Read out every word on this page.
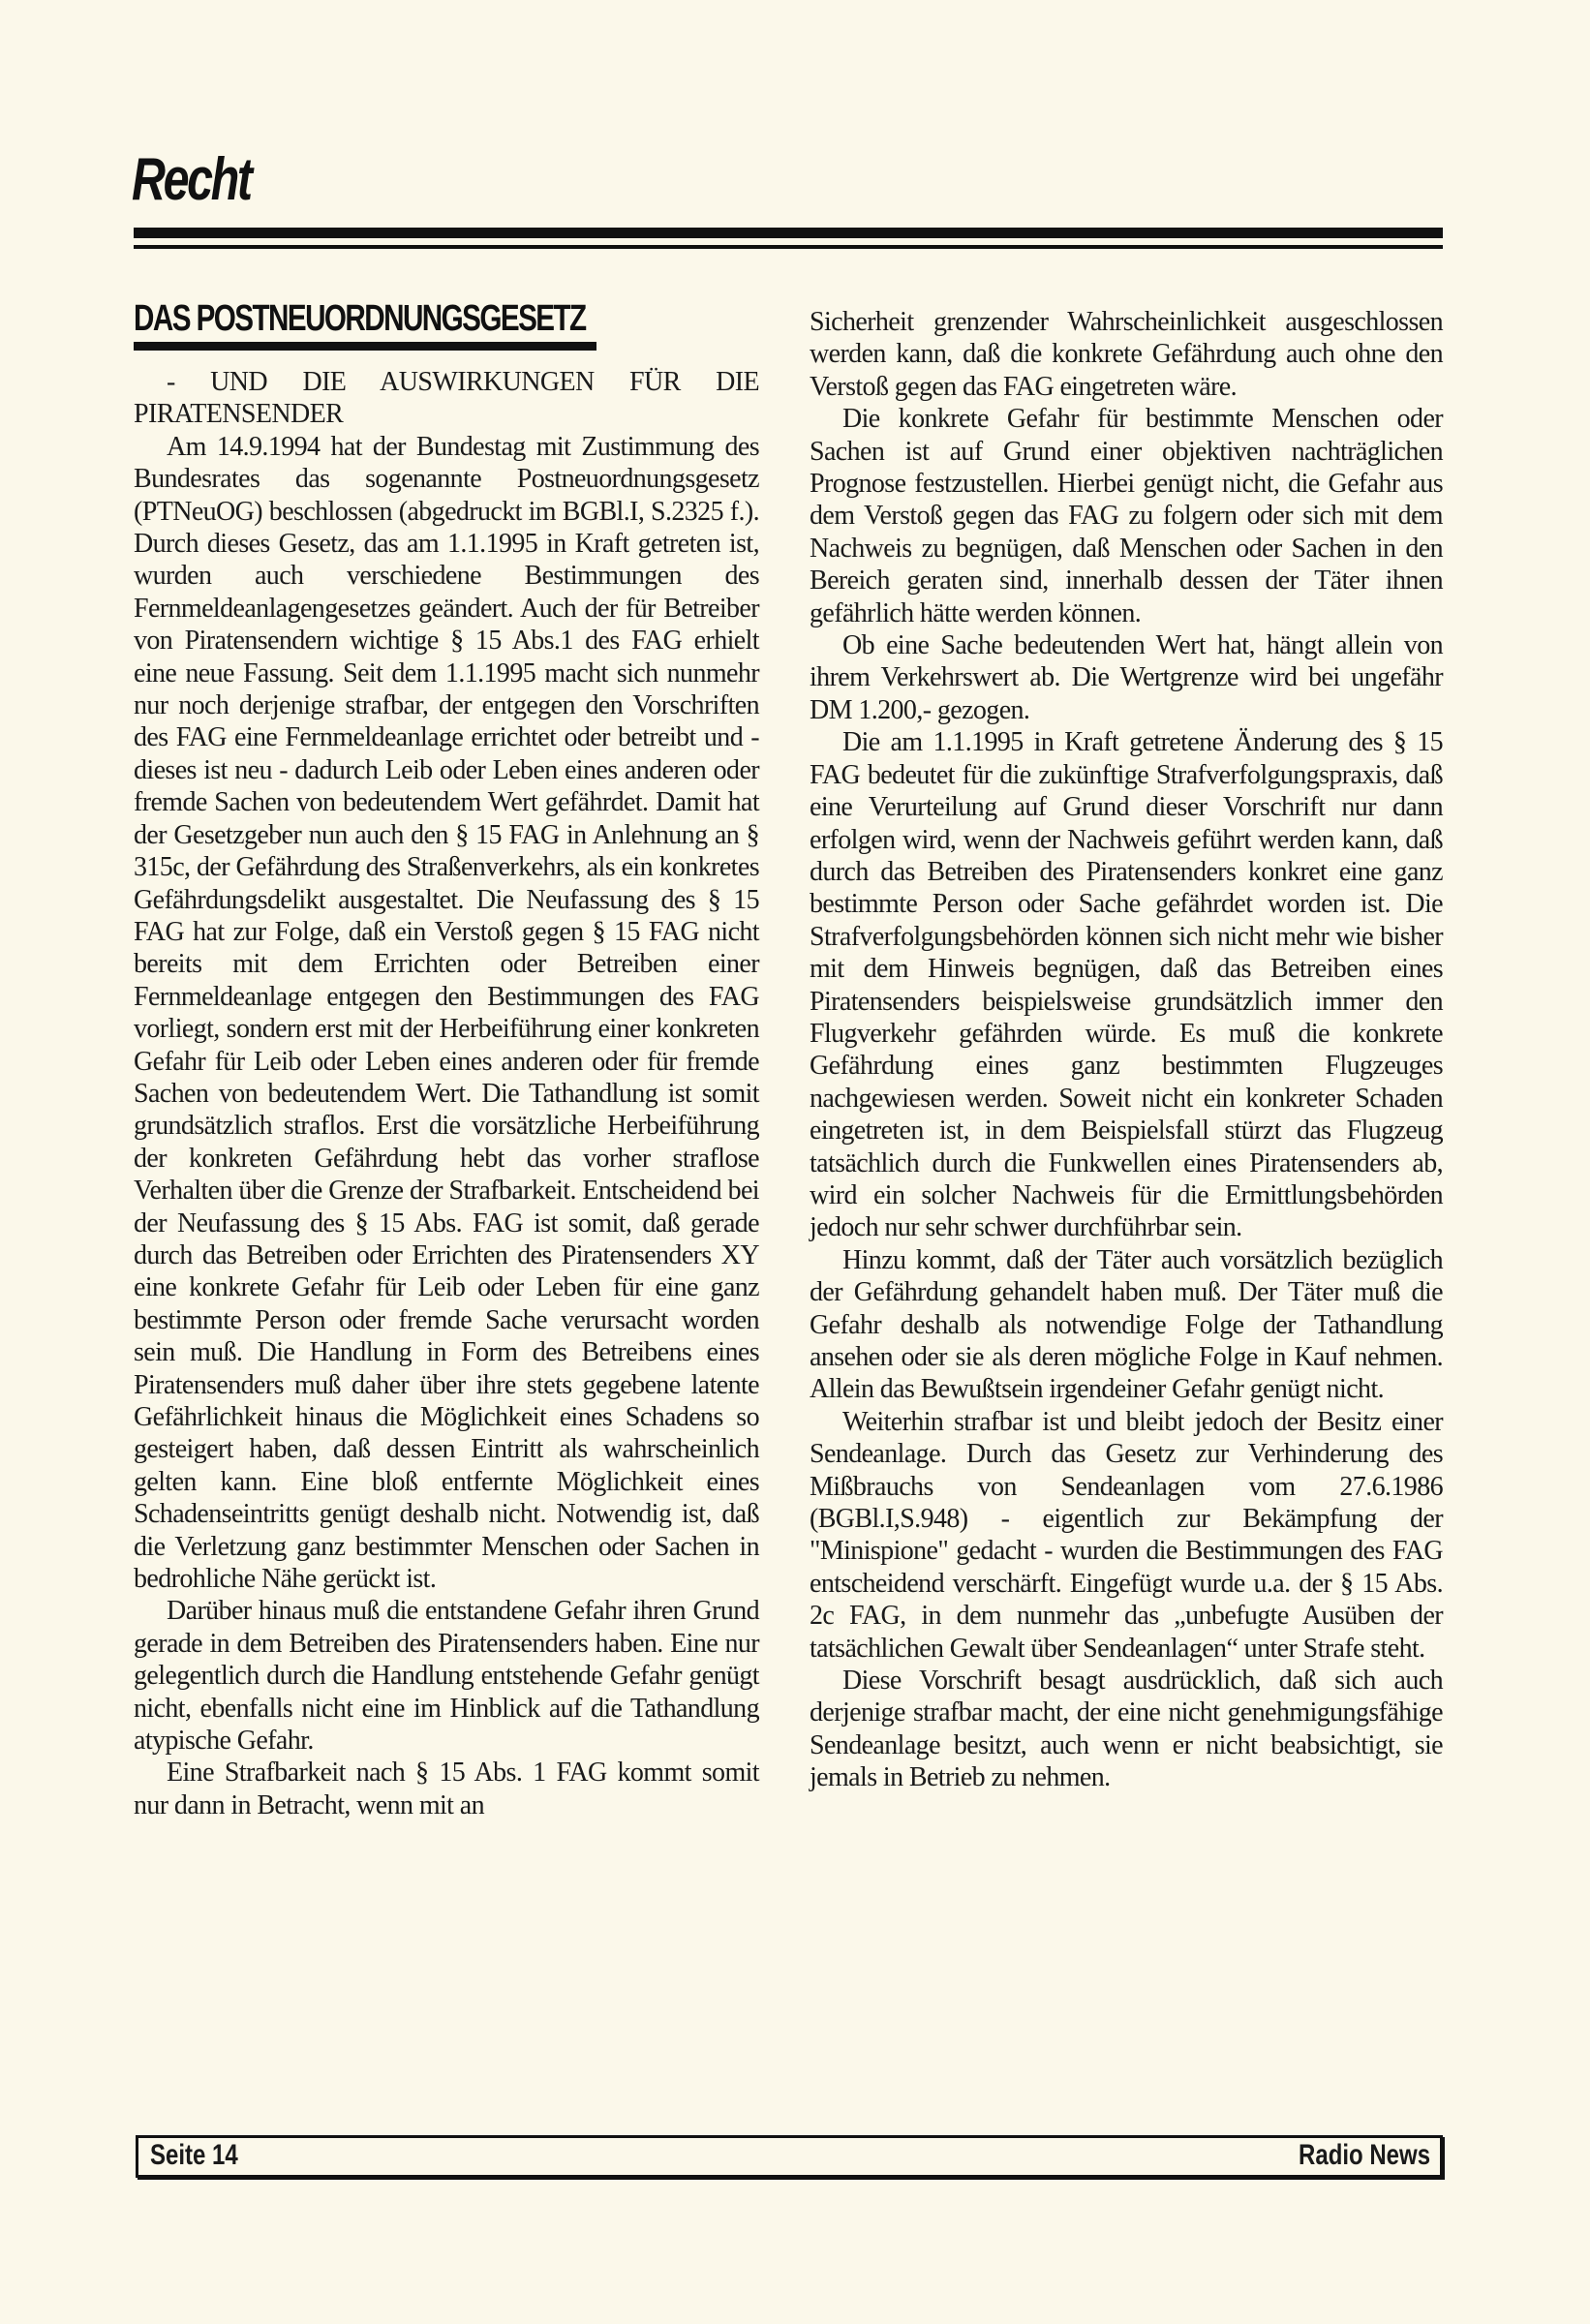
Recht
DAS POSTNEUORDNUNGSGESETZ

- UND DIE AUSWIRKUNGEN FÜR DIE PIRATENSENDER

Am 14.9.1994 hat der Bundestag mit Zustimmung des Bundesrates das sogenannte Postneuordnungsgesetz (PTNeuOG) beschlossen (abgedruckt im BGBl.I, S.2325 f.). Durch dieses Gesetz, das am 1.1.1995 in Kraft getreten ist, wurden auch verschiedene Bestimmungen des Fernmeldeanlagengesetzes geändert. Auch der für Betreiber von Piratensendern wichtige § 15 Abs.1 des FAG erhielt eine neue Fassung. Seit dem 1.1.1995 macht sich nunmehr nur noch derjenige strafbar, der entgegen den Vorschriften des FAG eine Fernmeldeanlage errichtet oder betreibt und - dieses ist neu - dadurch Leib oder Leben eines anderen oder fremde Sachen von bedeutendem Wert gefährdet. Damit hat der Gesetzgeber nun auch den § 15 FAG in Anlehnung an § 315c, der Gefährdung des Straßenverkehrs, als ein konkretes Gefährdungsdelikt ausgestaltet. Die Neufassung des § 15 FAG hat zur Folge, daß ein Verstoß gegen § 15 FAG nicht bereits mit dem Errichten oder Betreiben einer Fernmeldeanlage entgegen den Bestimmungen des FAG vorliegt, sondern erst mit der Herbeiführung einer konkreten Gefahr für Leib oder Leben eines anderen oder für fremde Sachen von bedeutendem Wert. Die Tathandlung ist somit grundsätzlich straflos. Erst die vorsätzliche Herbeiführung der konkreten Gefährdung hebt das vorher straflose Verhalten über die Grenze der Strafbarkeit. Entscheidend bei der Neufassung des § 15 Abs. FAG ist somit, daß gerade durch das Betreiben oder Errichten des Piratensenders XY eine konkrete Gefahr für Leib oder Leben für eine ganz bestimmte Person oder fremde Sache verursacht worden sein muß. Die Handlung in Form des Betreibens eines Piratensenders muß daher über ihre stets gegebene latente Gefährlichkeit hinaus die Möglichkeit eines Schadens so gesteigert haben, daß dessen Eintritt als wahrscheinlich gelten kann. Eine bloß entfernte Möglichkeit eines Schadenseintritts genügt deshalb nicht. Notwendig ist, daß die Verletzung ganz bestimmter Menschen oder Sachen in bedrohliche Nähe gerückt ist.

Darüber hinaus muß die entstandene Gefahr ihren Grund gerade in dem Betreiben des Piratensenders haben. Eine nur gelegentlich durch die Handlung entstehende Gefahr genügt nicht, ebenfalls nicht eine im Hinblick auf die Tathandlung atypische Gefahr.

Eine Strafbarkeit nach § 15 Abs. 1 FAG kommt somit nur dann in Betracht, wenn mit an

Sicherheit grenzender Wahrscheinlichkeit ausgeschlossen werden kann, daß die konkrete Gefährdung auch ohne den Verstoß gegen das FAG eingetreten wäre.

Die konkrete Gefahr für bestimmte Menschen oder Sachen ist auf Grund einer objektiven nachträglichen Prognose festzustellen. Hierbei genügt nicht, die Gefahr aus dem Verstoß gegen das FAG zu folgern oder sich mit dem Nachweis zu begnügen, daß Menschen oder Sachen in den Bereich geraten sind, innerhalb dessen der Täter ihnen gefährlich hätte werden können.

Ob eine Sache bedeutenden Wert hat, hängt allein von ihrem Verkehrswert ab. Die Wertgrenze wird bei ungefähr DM 1.200,- gezogen.

Die am 1.1.1995 in Kraft getretene Änderung des § 15 FAG bedeutet für die zukünftige Strafverfolgungspraxis, daß eine Verurteilung auf Grund dieser Vorschrift nur dann erfolgen wird, wenn der Nachweis geführt werden kann, daß durch das Betreiben des Piratensenders konkret eine ganz bestimmte Person oder Sache gefährdet worden ist. Die Strafverfolgungsbehörden können sich nicht mehr wie bisher mit dem Hinweis begnügen, daß das Betreiben eines Piratensenders beispielsweise grundsätzlich immer den Flugverkehr gefährden würde. Es muß die konkrete Gefährdung eines ganz bestimmten Flugzeuges nachgewiesen werden. Soweit nicht ein konkreter Schaden eingetreten ist, in dem Beispielsfall stürzt das Flugzeug tatsächlich durch die Funkwellen eines Piratensenders ab, wird ein solcher Nachweis für die Ermittlungsbehörden jedoch nur sehr schwer durchführbar sein.

Hinzu kommt, daß der Täter auch vorsätzlich bezüglich der Gefährdung gehandelt haben muß. Der Täter muß die Gefahr deshalb als notwendige Folge der Tathandlung ansehen oder sie als deren mögliche Folge in Kauf nehmen. Allein das Bewußtsein irgendeiner Gefahr genügt nicht.

Weiterhin strafbar ist und bleibt jedoch der Besitz einer Sendeanlage. Durch das Gesetz zur Verhinderung des Mißbrauchs von Sendeanlagen vom 27.6.1986 (BGBl.I,S.948) - eigentlich zur Bekämpfung der "Minispione" gedacht - wurden die Bestimmungen des FAG entscheidend verschärft. Eingefügt wurde u.a. der § 15 Abs. 2c FAG, in dem nunmehr das „unbefugte Ausüben der tatsächlichen Gewalt über Sendeanlagen“ unter Strafe steht.

Diese Vorschrift besagt ausdrücklich, daß sich auch derjenige strafbar macht, der eine nicht genehmigungsfähige Sendeanlage besitzt, auch wenn er nicht beabsichtigt, sie jemals in Betrieb zu nehmen.

Seite 14	Radio News
